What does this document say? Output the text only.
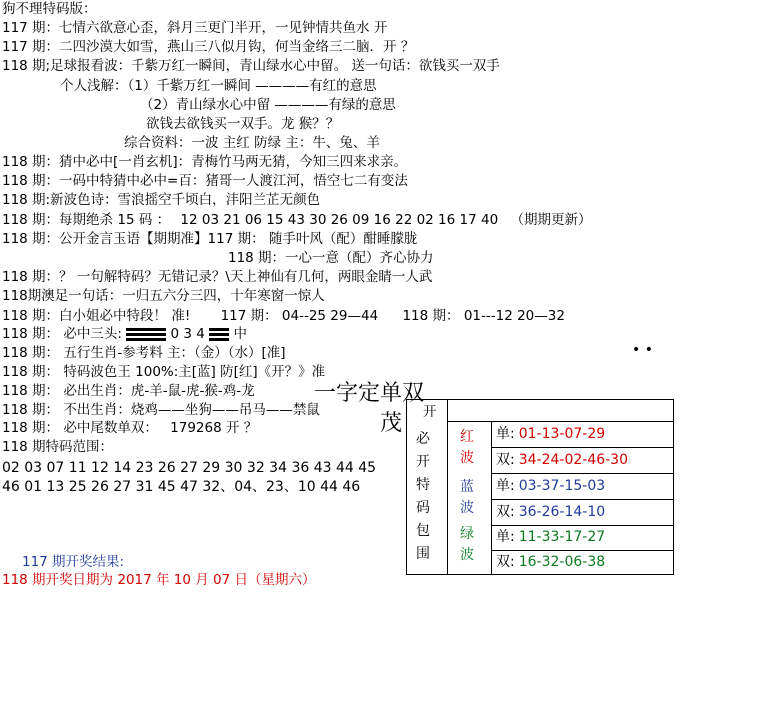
狗不理特码版：
117 期：七情六欲意心歪，斜月三更门半开，一见钟情共鱼水 开
117 期：二四沙漠大如雪，燕山三八似月钩，何当金络三二脑．开 ？
118 期;足球报看波：千紫万红一瞬间，青山绿水心中留。 送一句话：欲钱买一双手
个人浅解：（1）千紫万红一瞬间 ————有红的意思
（2）青山绿水心中留 ————有绿的意思
欲钱去欲钱买一双手。龙 猴？？
综合资料：一波 主红 防绿 主：牛、兔、羊
118 期：猜中必中[一肖玄机]：青梅竹马两无猜，今知三四来求亲。
118 期：一码中特猜中必中=百：猪哥一人渡江河，悟空七二有变法
118 期:新波色诗：雪浪摇空千顷白，沣阳兰芷无颜色
118 期：每期绝杀 15 码 ： 12 03 21 06 15 43 30 26 09 16 22 02 16 17 40 （期期更新）
118 期：公开金言玉语【期期准】117 期： 随手叶风（配）酣睡朦胧
118 期：一心一意（配）齐心协力
118 期：？ 一句解特码？无错记录？\天上神仙有几何，两眼金睛一人武
118期澳足一句话：一归五六分三四，十年寒窗一惊人
118 期：白小姐必中特段！ 准! 117 期： 04--25 29—44 118 期： 01---12 20—32
118 期： 必中三头:	0 3 4 中
118 期： 五行生肖-参考料 主：（金）（水）[准]	• •
118 期： 特码波色王 100%:主[蓝] 防[红]《开？》准
118 期： 必出生肖：虎-羊-鼠-虎-猴-鸡-龙
118 期： 不出生肖：烧鸡——坐狗——吊马——禁鼠
118 期： 必中尾数单双： 179268 开 ？
118 期特码范围：
02 03 07 11 12 14 23 26 27 29 30 32 34 36 43 44 45
46 01 13 25 26 27 31 45 47 32、04、23、10 44 46
117 期开奖结果:
118 期开奖日期为 2017 年 10 月 07 日（星期六）
一字定单双
茂 开
必
开
特
码
包
围
红
波
蓝
波
绿
波
单: 01-13-07-29
双: 34-24-02-46-30
单: 03-37-15-03
双: 36-26-14-10
单: 11-33-17-27
双: 16-32-06-38
